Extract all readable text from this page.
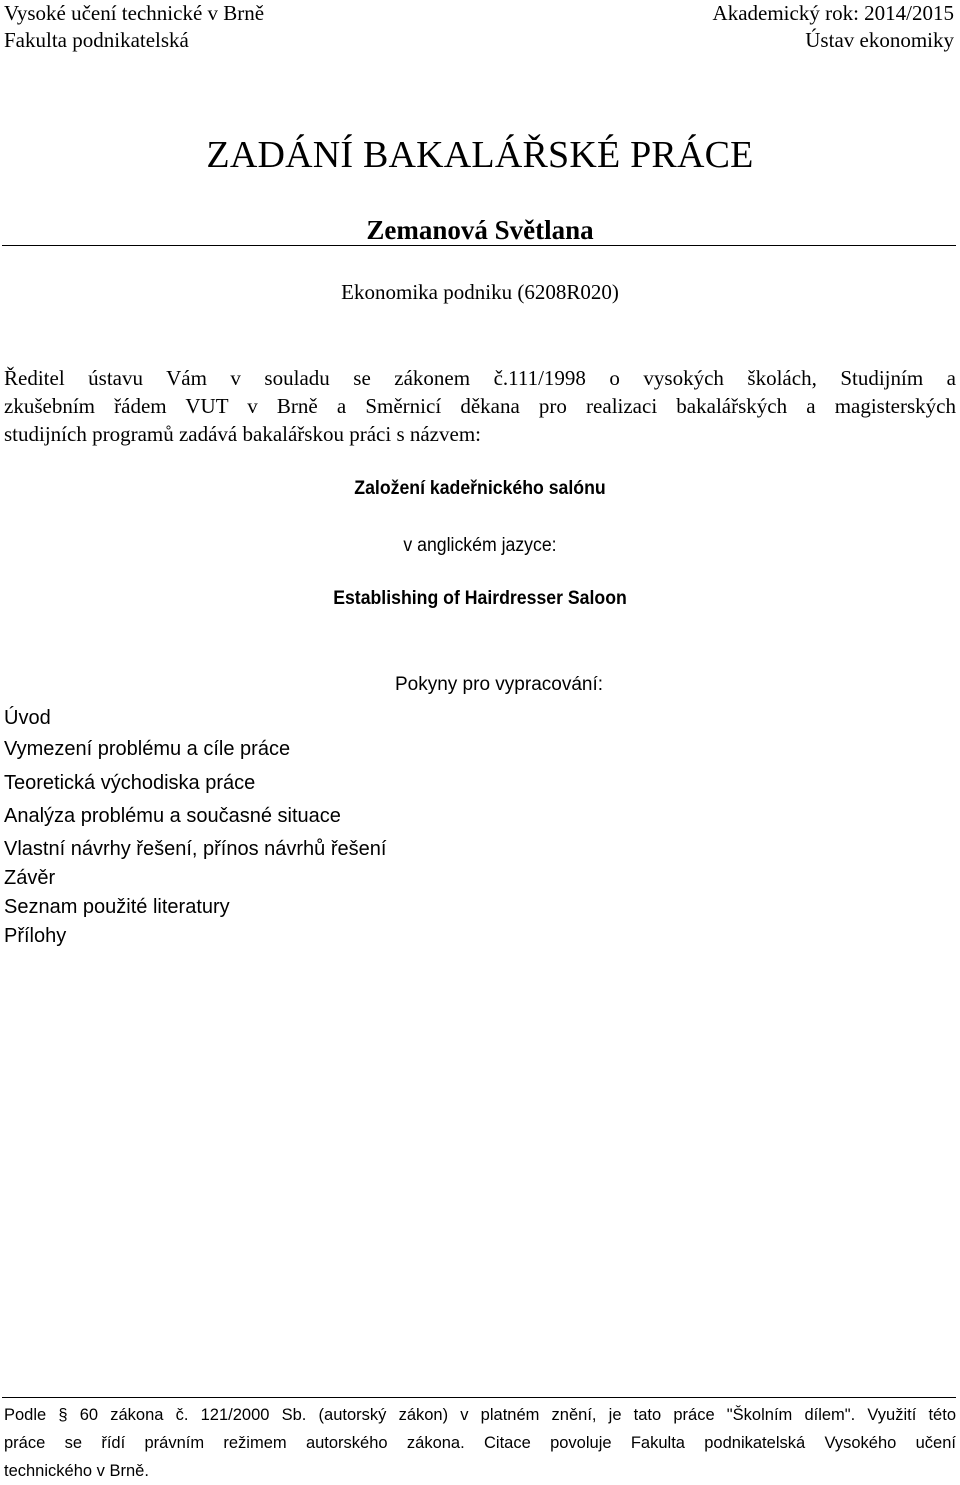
Vysoké učení technické v Brně
Fakulta podnikatelská
Akademický rok: 2014/2015
Ústav ekonomiky
ZADÁNÍ BAKALÁŘSKÉ PRÁCE
Zemanová Světlana
Ekonomika podniku (6208R020)
Ředitel ústavu Vám v souladu se zákonem č.111/1998 o vysokých školách, Studijním a
zkušebním řádem VUT v Brně a Směrnicí děkana pro realizaci bakalářských a magisterských
studijních programů zadává bakalářskou práci s názvem:
Založení kadeřnického salónu
v anglickém jazyce:
Establishing of Hairdresser Saloon
Pokyny pro vypracování:
Úvod
Vymezení problému a cíle práce
Teoretická východiska práce
Analýza problému a současné situace
Vlastní návrhy řešení, přínos návrhů řešení
Závěr
Seznam použité literatury
Přílohy
Podle § 60 zákona č. 121/2000 Sb. (autorský zákon) v platném znění, je tato práce "Školním dílem". Využití této
práce se řídí právním režimem autorského zákona. Citace povoluje Fakulta podnikatelská Vysokého učení
technického v Brně.
